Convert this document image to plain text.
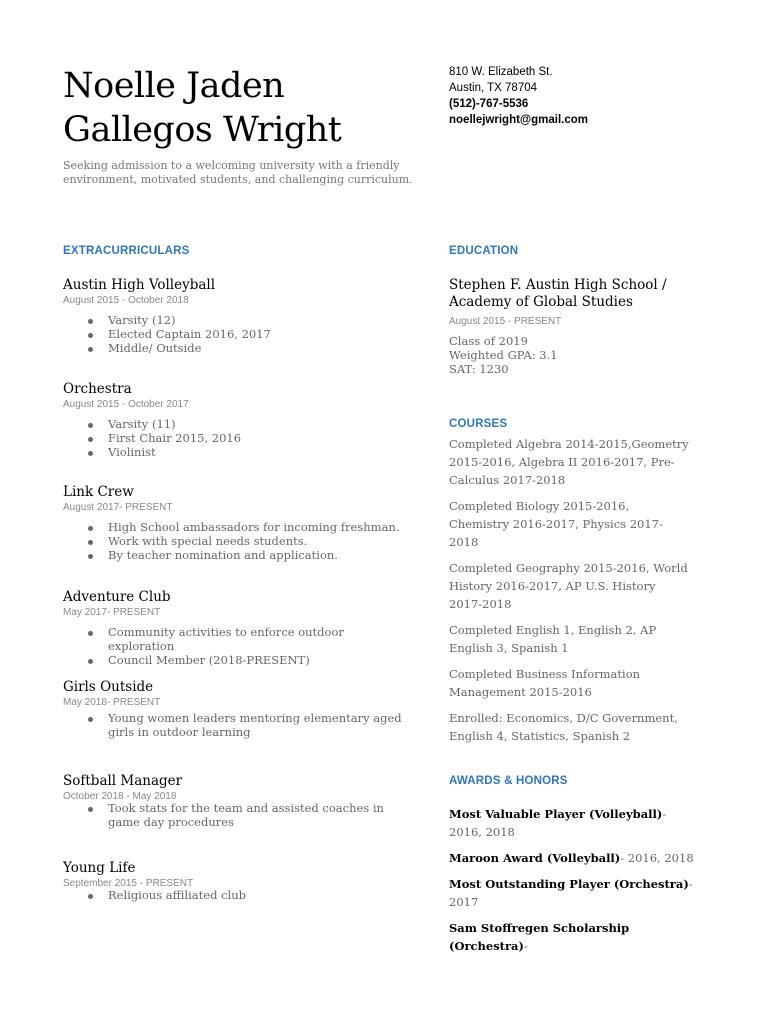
Noelle Jaden
Gallegos Wright
Seeking admission to a welcoming university with a friendly
environment, motivated students, and challenging curriculum.
810 W. Elizabeth St.
Austin, TX 78704
(512)-767-5536
noellejwright@gmail.com
EXTRACURRICULARS
Austin High Volleyball
August 2015 - October 2018
Varsity (12)
Elected Captain 2016, 2017
Middle/ Outside
Orchestra
August 2015 - October 2017
Varsity (11)
First Chair 2015, 2016
Violinist
Link Crew
August 2017- PRESENT
High School ambassadors for incoming freshman.
Work with special needs students.
By teacher nomination and application.
Adventure Club
May 2017- PRESENT
Community activities to enforce outdoor exploration
Council Member (2018-PRESENT)
Girls Outside
May 2018- PRESENT
Young women leaders mentoring elementary aged girls in outdoor learning
Softball Manager
October 2018 - May 2018
Took stats for the team and assisted coaches in game day procedures
Young Life
September 2015 - PRESENT
Religious affiliated club
EDUCATION
Stephen F. Austin High School /
Academy of Global Studies
August 2015 - PRESENT
Class of 2019
Weighted GPA: 3.1
SAT: 1230
COURSES
Completed Algebra 2014-2015,Geometry 2015-2016, Algebra II 2016-2017, Pre-Calculus 2017-2018
Completed Biology 2015-2016, Chemistry 2016-2017, Physics 2017-2018
Completed Geography 2015-2016, World History 2016-2017, AP U.S. History 2017-2018
Completed English 1, English 2, AP English 3, Spanish 1
Completed Business Information Management 2015-2016
Enrolled: Economics, D/C Government, English 4, Statistics, Spanish 2
AWARDS & HONORS
Most Valuable Player (Volleyball)- 2016, 2018
Maroon Award (Volleyball)- 2016, 2018
Most Outstanding Player (Orchestra)- 2017
Sam Stoffregen Scholarship (Orchestra)-
